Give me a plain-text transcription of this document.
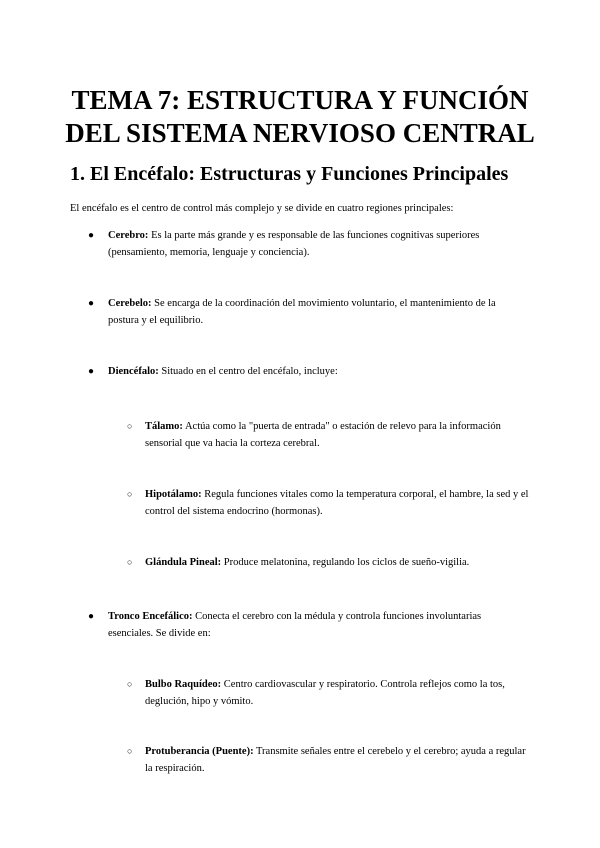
TEMA 7: ESTRUCTURA Y FUNCIÓN
DEL SISTEMA NERVIOSO CENTRAL
1. El Encéfalo: Estructuras y Funciones Principales

El encéfalo es el centro de control más complejo y se divide en cuatro regiones principales:

● Cerebro: Es la parte más grande y es responsable de las funciones cognitivas superiores (pensamiento, memoria, lenguaje y conciencia).

● Cerebelo: Se encarga de la coordinación del movimiento voluntario, el mantenimiento de la postura y el equilibrio.

● Diencéfalo: Situado en el centro del encéfalo, incluye:

○ Tálamo: Actúa como la "puerta de entrada" o estación de relevo para la información sensorial que va hacia la corteza cerebral.

○ Hipotálamo: Regula funciones vitales como la temperatura corporal, el hambre, la sed y el control del sistema endocrino (hormonas).

○ Glándula Pineal: Produce melatonina, regulando los ciclos de sueño-vigilia.

● Tronco Encefálico: Conecta el cerebro con la médula y controla funciones involuntarias esenciales. Se divide en:

○ Bulbo Raquídeo: Centro cardiovascular y respiratorio. Controla reflejos como la tos, deglución, hipo y vómito.

○ Protuberancia (Puente): Transmite señales entre el cerebelo y el cerebro; ayuda a regular la respiración.
